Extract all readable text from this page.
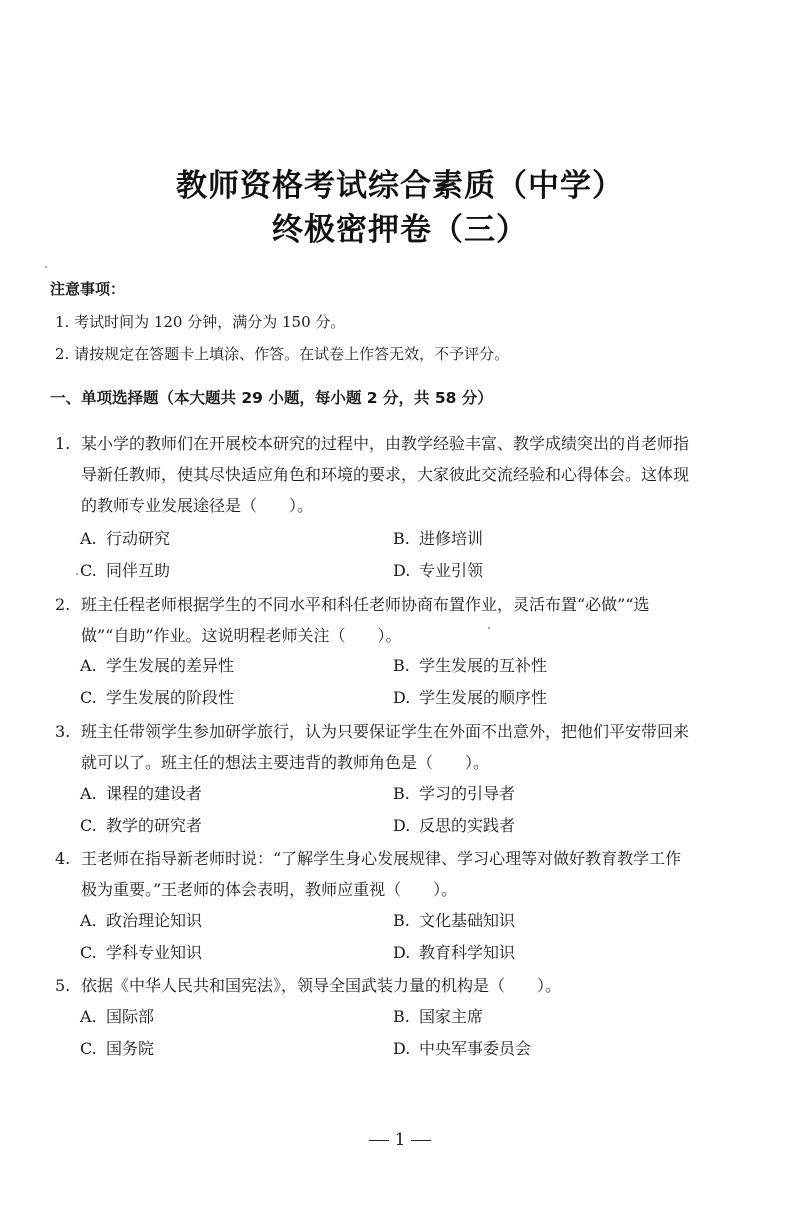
教师资格考试综合素质（中学）
终极密押卷（三）
注意事项：
1. 考试时间为 120 分钟，满分为 150 分。
2. 请按规定在答题卡上填涂、作答。在试卷上作答无效，不予评分。
一、单项选择题（本大题共 29 小题，每小题 2 分，共 58 分）
1. 某小学的教师们在开展校本研究的过程中，由教学经验丰富、教学成绩突出的肖老师指
导新任教师，使其尽快适应角色和环境的要求，大家彼此交流经验和心得体会。这体现
的教师专业发展途径是（　　）。
A. 行动研究	B. 进修培训
C. 同伴互助	D. 专业引领
2. 班主任程老师根据学生的不同水平和科任老师协商布置作业，灵活布置“必做”“选
做”“自助”作业。这说明程老师关注（　　）。
A. 学生发展的差异性	B. 学生发展的互补性
C. 学生发展的阶段性	D. 学生发展的顺序性
3. 班主任带领学生参加研学旅行，认为只要保证学生在外面不出意外，把他们平安带回来
就可以了。班主任的想法主要违背的教师角色是（　　）。
A. 课程的建设者	B. 学习的引导者
C. 教学的研究者	D. 反思的实践者
4. 王老师在指导新老师时说：“了解学生身心发展规律、学习心理等对做好教育教学工作
极为重要。”王老师的体会表明，教师应重视（　　）。
A. 政治理论知识	B. 文化基础知识
C. 学科专业知识	D. 教育科学知识
5. 依据《中华人民共和国宪法》，领导全国武装力量的机构是（　　）。
A. 国际部	B. 国家主席
C. 国务院	D. 中央军事委员会
1
